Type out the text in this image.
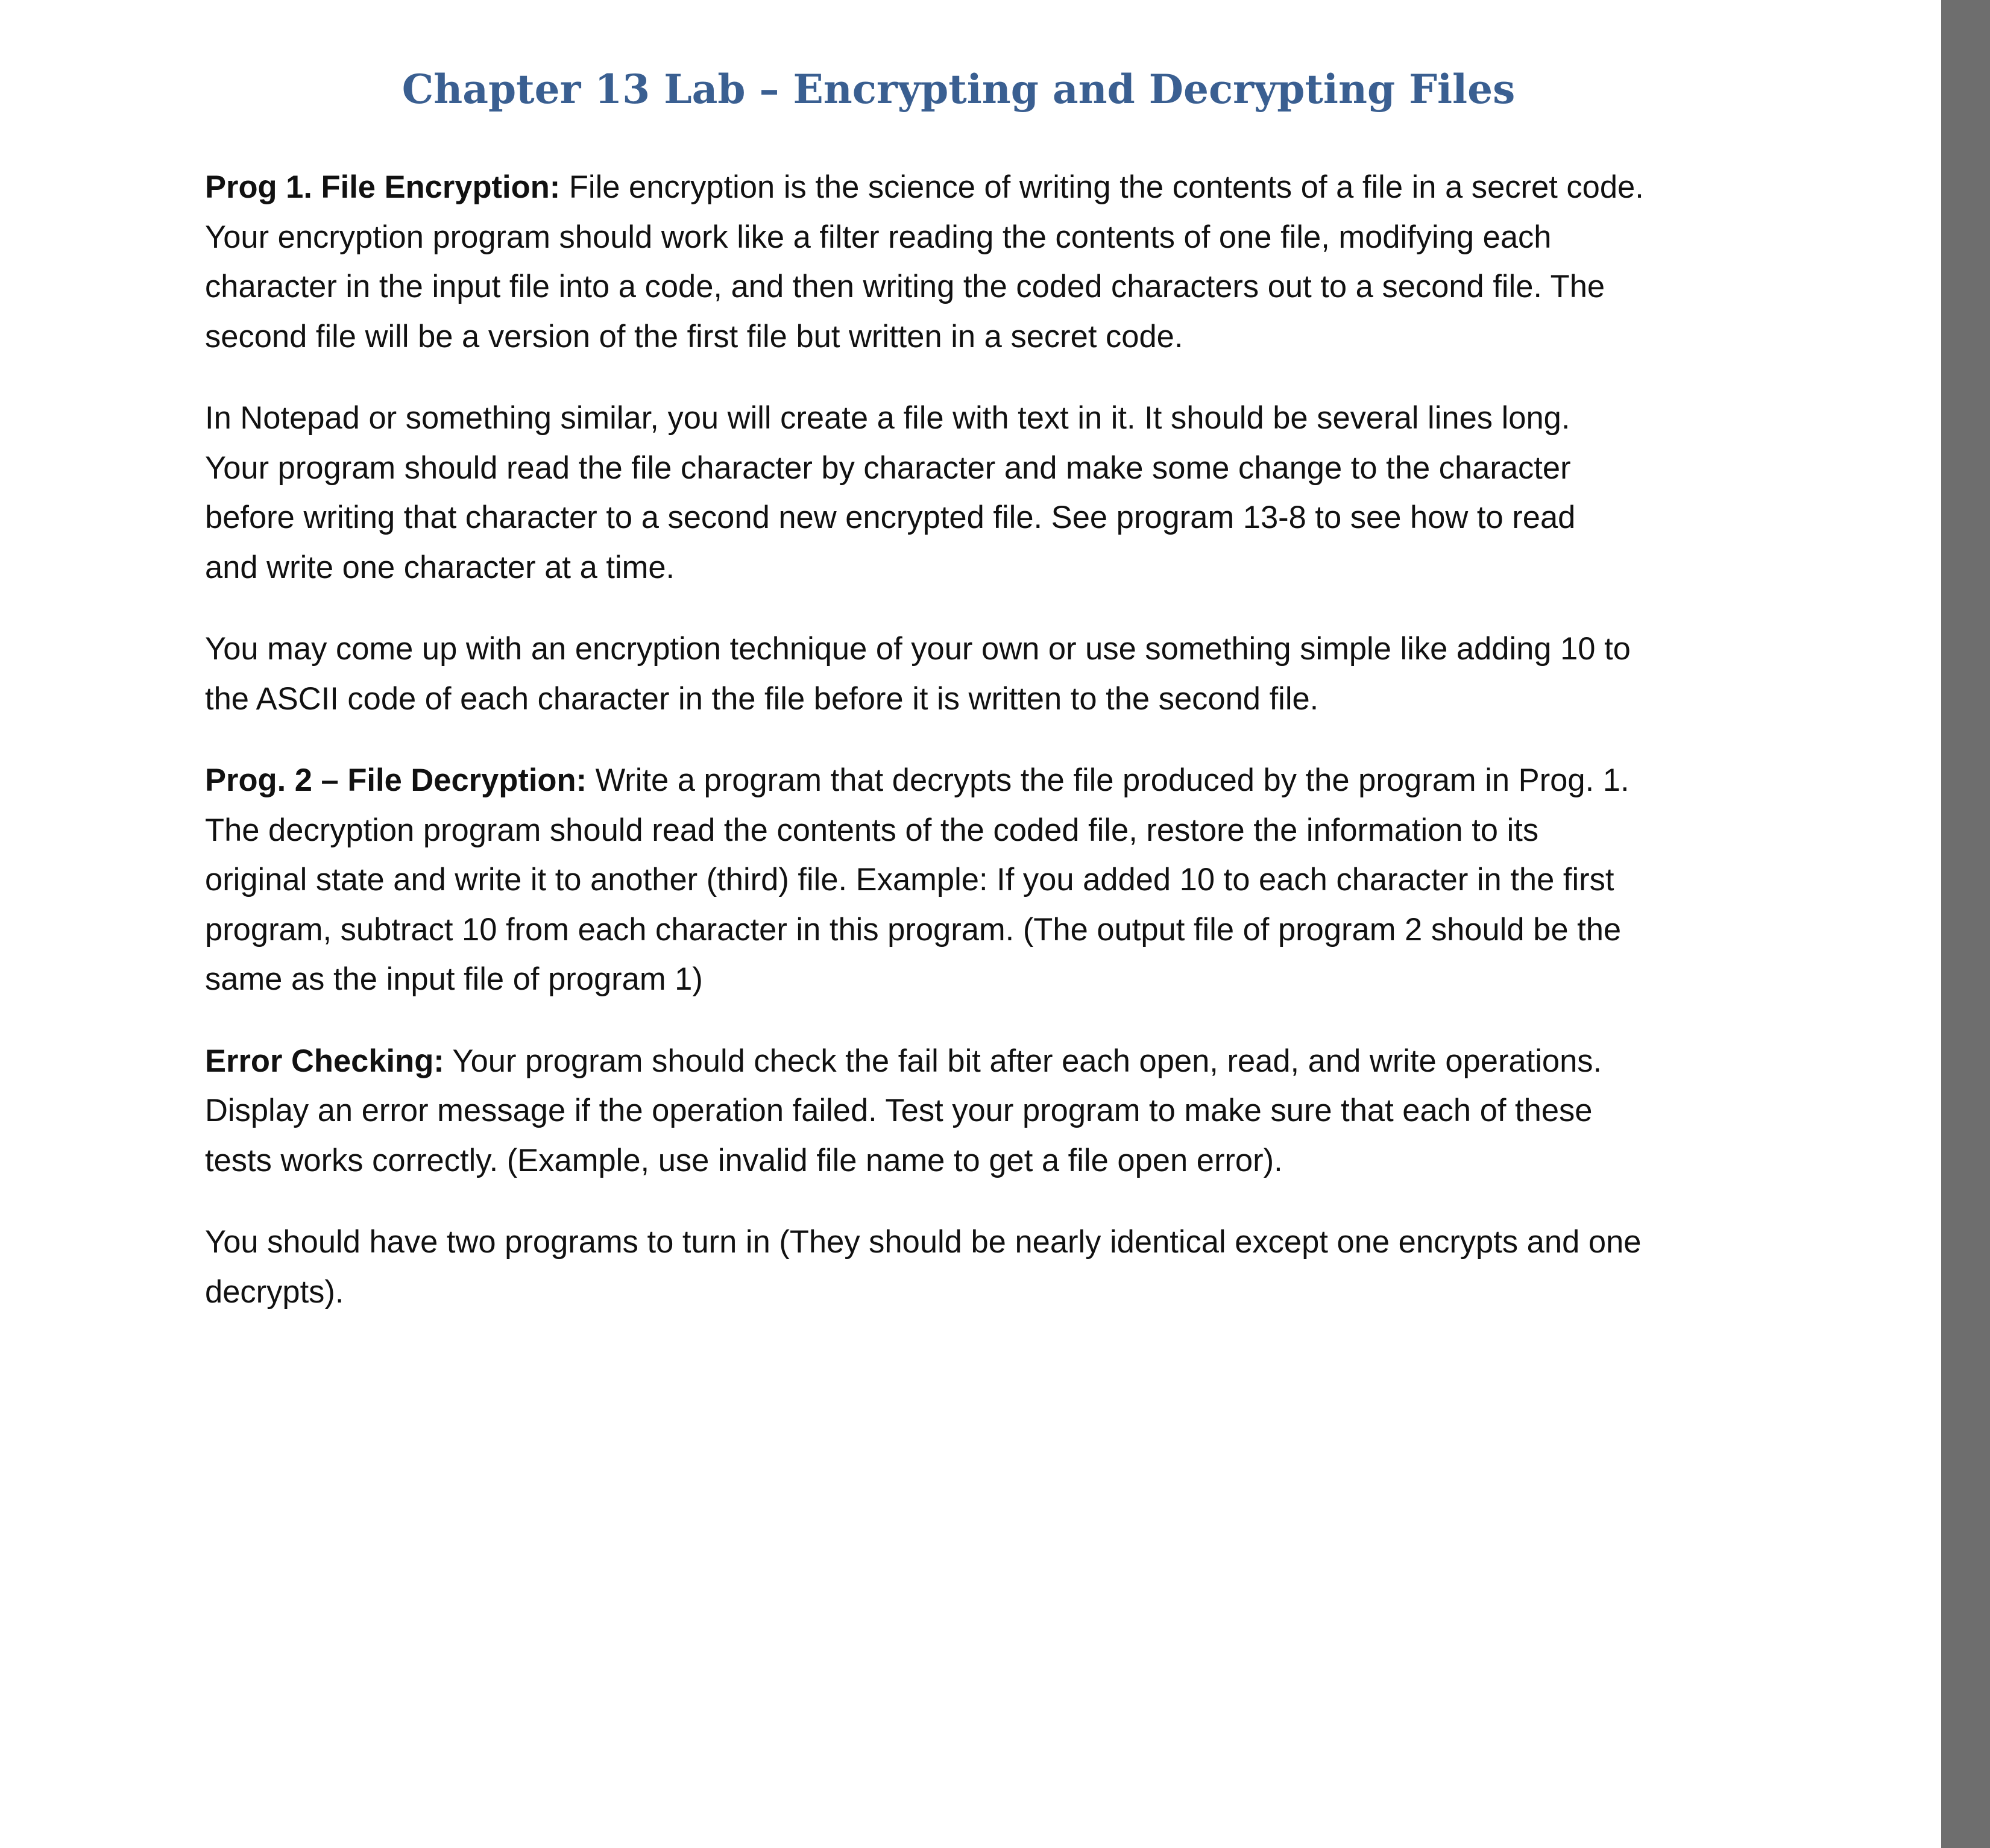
Chapter 13 Lab – Encrypting and Decrypting Files

Prog 1. File Encryption: File encryption is the science of writing the contents of a file in a secret code.
Your encryption program should work like a filter reading the contents of one file, modifying each
character in the input file into a code, and then writing the coded characters out to a second file. The
second file will be a version of the first file but written in a secret code.

In Notepad or something similar, you will create a file with text in it. It should be several lines long.
Your program should read the file character by character and make some change to the character
before writing that character to a second new encrypted file. See program 13-8 to see how to read
and write one character at a time.

You may come up with an encryption technique of your own or use something simple like adding 10 to
the ASCII code of each character in the file before it is written to the second file.

Prog. 2 – File Decryption: Write a program that decrypts the file produced by the program in Prog. 1.
The decryption program should read the contents of the coded file, restore the information to its
original state and write it to another (third) file. Example: If you added 10 to each character in the first
program, subtract 10 from each character in this program. (The output file of program 2 should be the
same as the input file of program 1)

Error Checking: Your program should check the fail bit after each open, read, and write operations.
Display an error message if the operation failed. Test your program to make sure that each of these
tests works correctly. (Example, use invalid file name to get a file open error).

You should have two programs to turn in (They should be nearly identical except one encrypts and one
decrypts).
